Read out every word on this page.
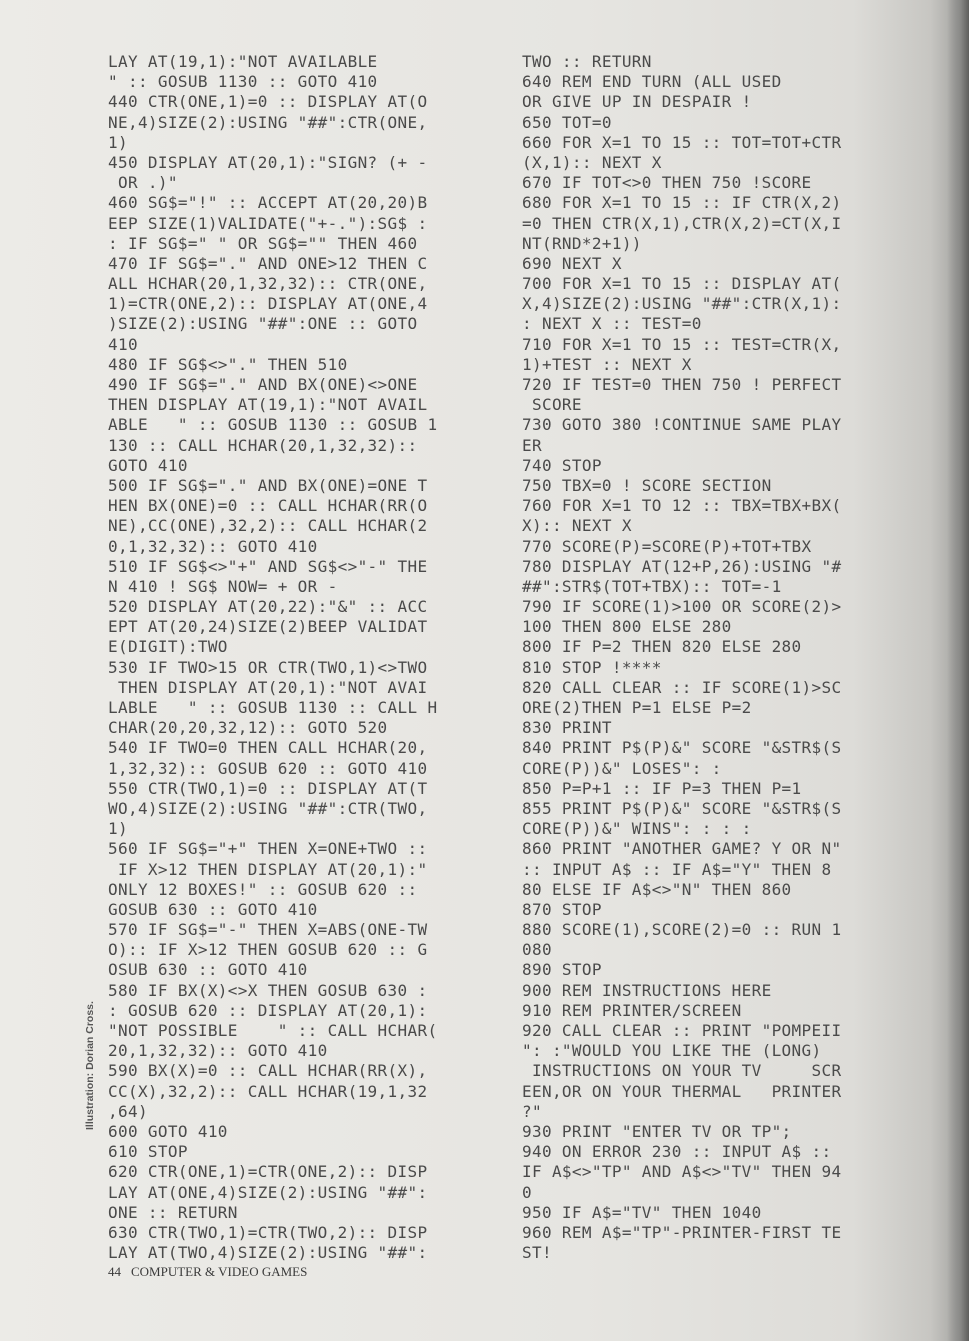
LAY AT(19,1):"NOT AVAILABLE
" :: GOSUB 1130 :: GOTO 410
440 CTR(ONE,1)=0 :: DISPLAY AT(O
NE,4)SIZE(2):USING "##":CTR(ONE,
1)
450 DISPLAY AT(20,1):"SIGN? (+ -
OR .)"
460 SG$="!" :: ACCEPT AT(20,20)B
EEP SIZE(1)VALIDATE("+-."):SG$ :
: IF SG$=" " OR SG$="" THEN 460
470 IF SG$="." AND ONE>12 THEN C
ALL HCHAR(20,1,32,32):: CTR(ONE,
1)=CTR(ONE,2):: DISPLAY AT(ONE,4
)SIZE(2):USING "##":ONE :: GOTO
410
480 IF SG$<>"." THEN 510
490 IF SG$="." AND BX(ONE)<>ONE
THEN DISPLAY AT(19,1):"NOT AVAIL
ABLE   " :: GOSUB 1130 :: GOSUB 1
130 :: CALL HCHAR(20,1,32,32)::
GOTO 410
500 IF SG$="." AND BX(ONE)=ONE T
HEN BX(ONE)=0 :: CALL HCHAR(RR(O
NE),CC(ONE),32,2):: CALL HCHAR(2
0,1,32,32):: GOTO 410
510 IF SG$<>"+" AND SG$<>"-" THE
N 410 ! SG$ NOW= + OR -
520 DISPLAY AT(20,22):"&" :: ACC
EPT AT(20,24)SIZE(2)BEEP VALIDAT
E(DIGIT):TWO
530 IF TWO>15 OR CTR(TWO,1)<>TWO
THEN DISPLAY AT(20,1):"NOT AVAI
LABLE   " :: GOSUB 1130 :: CALL H
CHAR(20,20,32,12):: GOTO 520
540 IF TWO=0 THEN CALL HCHAR(20,
1,32,32):: GOSUB 620 :: GOTO 410
550 CTR(TWO,1)=0 :: DISPLAY AT(T
WO,4)SIZE(2):USING "##":CTR(TWO,
1)
560 IF SG$="+" THEN X=ONE+TWO ::
IF X>12 THEN DISPLAY AT(20,1):"
ONLY 12 BOXES!" :: GOSUB 620 ::
GOSUB 630 :: GOTO 410
570 IF SG$="-" THEN X=ABS(ONE-TW
O):: IF X>12 THEN GOSUB 620 :: G
OSUB 630 :: GOTO 410
580 IF BX(X)<>X THEN GOSUB 630 :
: GOSUB 620 :: DISPLAY AT(20,1):
"NOT POSSIBLE    " :: CALL HCHAR(
20,1,32,32):: GOTO 410
590 BX(X)=0 :: CALL HCHAR(RR(X),
CC(X),32,2):: CALL HCHAR(19,1,32
,64)
600 GOTO 410
610 STOP
620 CTR(ONE,1)=CTR(ONE,2):: DISP
LAY AT(ONE,4)SIZE(2):USING "##":
ONE :: RETURN
630 CTR(TWO,1)=CTR(TWO,2):: DISP
LAY AT(TWO,4)SIZE(2):USING "##":
TWO :: RETURN
640 REM END TURN (ALL USED
OR GIVE UP IN DESPAIR !
650 TOT=0
660 FOR X=1 TO 15 :: TOT=TOT+CTR
(X,1):: NEXT X
670 IF TOT<>0 THEN 750 !SCORE
680 FOR X=1 TO 15 :: IF CTR(X,2)
=0 THEN CTR(X,1),CTR(X,2)=CT(X,I
NT(RND*2+1))
690 NEXT X
700 FOR X=1 TO 15 :: DISPLAY AT(
X,4)SIZE(2):USING "##":CTR(X,1):
: NEXT X :: TEST=0
710 FOR X=1 TO 15 :: TEST=CTR(X,
1)+TEST :: NEXT X
720 IF TEST=0 THEN 750 ! PERFECT
SCORE
730 GOTO 380 !CONTINUE SAME PLAY
ER
740 STOP
750 TBX=0 ! SCORE SECTION
760 FOR X=1 TO 12 :: TBX=TBX+BX(
X):: NEXT X
770 SCORE(P)=SCORE(P)+TOT+TBX
780 DISPLAY AT(12+P,26):USING "#
##":STR$(TOT+TBX):: TOT=-1
790 IF SCORE(1)>100 OR SCORE(2)>
100 THEN 800 ELSE 280
800 IF P=2 THEN 820 ELSE 280
810 STOP !****
820 CALL CLEAR :: IF SCORE(1)>SC
ORE(2)THEN P=1 ELSE P=2
830 PRINT
840 PRINT P$(P)&" SCORE "&STR$(S
CORE(P))&" LOSES": :
850 P=P+1 :: IF P=3 THEN P=1
855 PRINT P$(P)&" SCORE "&STR$(S
CORE(P))&" WINS": : : :
860 PRINT "ANOTHER GAME? Y OR N"
:: INPUT A$ :: IF A$="Y" THEN 8
80 ELSE IF A$<>"N" THEN 860
870 STOP
880 SCORE(1),SCORE(2)=0 :: RUN 1
080
890 STOP
900 REM INSTRUCTIONS HERE
910 REM PRINTER/SCREEN
920 CALL CLEAR :: PRINT "POMPEII
": :"WOULD YOU LIKE THE (LONG)
INSTRUCTIONS ON YOUR TV     SCR
EEN,OR ON YOUR THERMAL   PRINTER
?"
930 PRINT "ENTER TV OR TP";
940 ON ERROR 230 :: INPUT A$ ::
IF A$<>"TP" AND A$<>"TV" THEN 94
0
950 IF A$="TV" THEN 1040
960 REM A$="TP"-PRINTER-FIRST TE
ST!
Illustration: Dorian Cross.
44 COMPUTER & VIDEO GAMES
